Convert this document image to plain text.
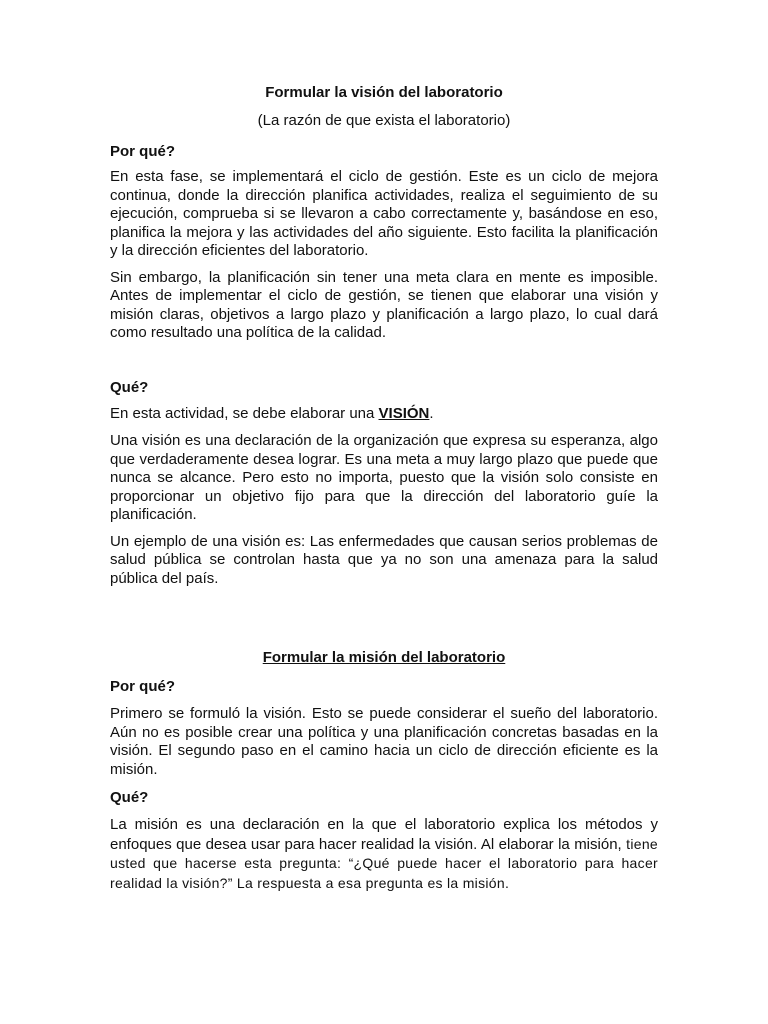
Formular la visión del laboratorio

(La razón de que exista el laboratorio)

Por qué?

En esta fase, se implementará el ciclo de gestión. Este es un ciclo de mejora continua, donde la dirección planifica actividades, realiza el seguimiento de su ejecución, comprueba si se llevaron a cabo correctamente y, basándose en eso, planifica la mejora y las actividades del año siguiente. Esto facilita la planificación y la dirección eficientes del laboratorio.

Sin embargo, la planificación sin tener una meta clara en mente es imposible. Antes de implementar el ciclo de gestión, se tienen que elaborar una visión y misión claras, objetivos a largo plazo y planificación a largo plazo, lo cual dará como resultado una política de la calidad.

Qué?

En esta actividad, se debe elaborar una VISIÓN.

Una visión es una declaración de la organización que expresa su esperanza, algo que verdaderamente desea lograr. Es una meta a muy largo plazo que puede que nunca se alcance. Pero esto no importa, puesto que la visión solo consiste en proporcionar un objetivo fijo para que la dirección del laboratorio guíe la planificación.

Un ejemplo de una visión es: Las enfermedades que causan serios problemas de salud pública se controlan hasta que ya no son una amenaza para la salud pública del país.

Formular la misión del laboratorio

Por qué?

Primero se formuló la visión. Esto se puede considerar el sueño del laboratorio. Aún no es posible crear una política y una planificación concretas basadas en la visión. El segundo paso en el camino hacia un ciclo de dirección eficiente es la misión.

Qué?

La misión es una declaración en la que el laboratorio explica los métodos y enfoques que desea usar para hacer realidad la visión. Al elaborar la misión, tiene usted que hacerse esta pregunta: “¿Qué puede hacer el laboratorio para hacer realidad la visión?” La respuesta a esa pregunta es la misión.
